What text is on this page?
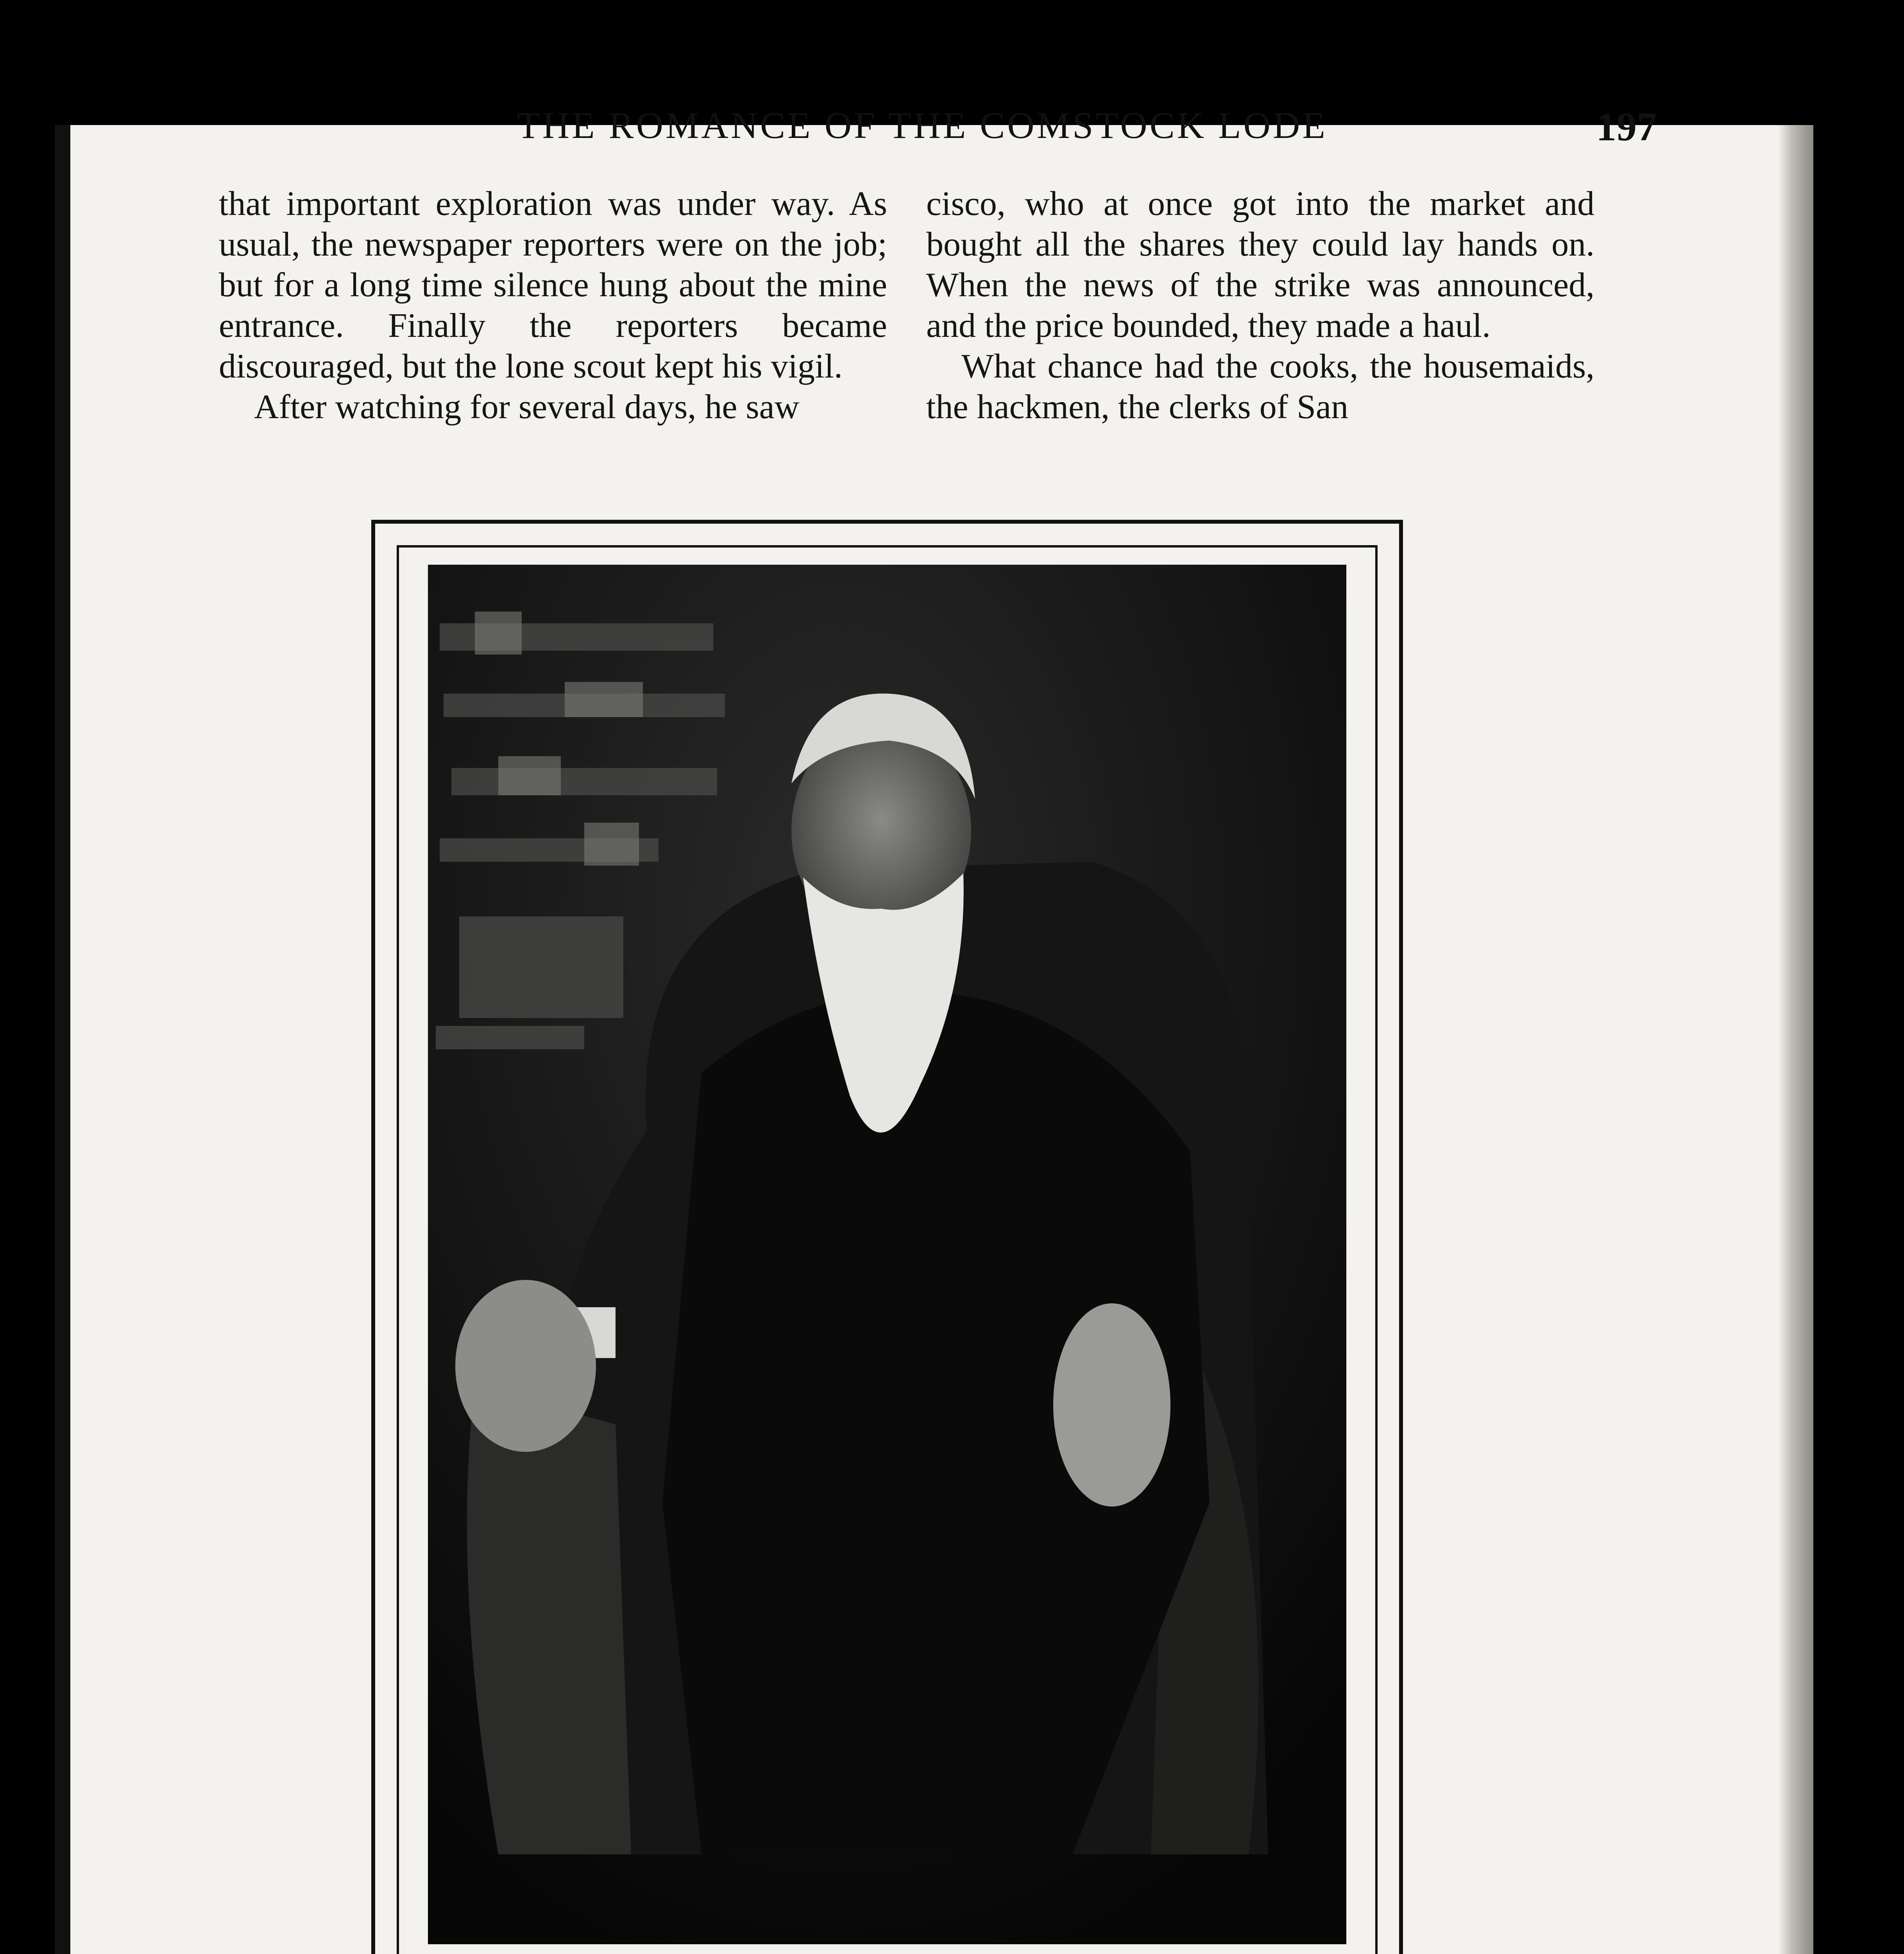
THE ROMANCE OF THE COMSTOCK LODE	197

that important exploration was under way. As usual, the newspaper reporters were on the job; but for a long time silence hung about the mine entrance. Finally the reporters became discouraged, but the lone scout kept his vigil.

After watching for several days, he saw

cisco, who at once got into the market and bought all the shares they could lay hands on. When the news of the strike was announced, and the price bounded, they made a haul.

What chance had the cooks, the housemaids, the hackmen, the clerks of San
